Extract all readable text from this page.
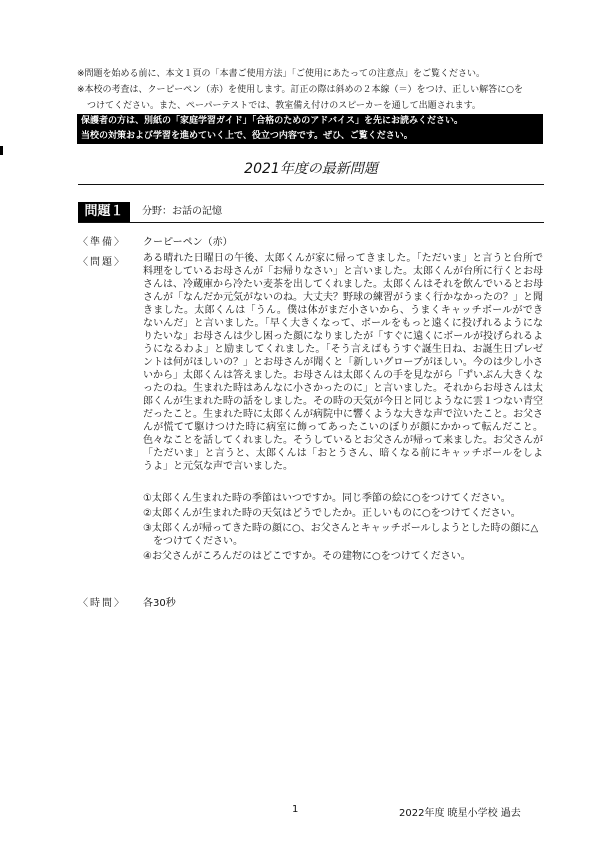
※問題を始める前に、本文１頁の「本書ご使用方法」「ご使用にあたっての注意点」をご覧ください。
※本校の考査は、クーピーペン（赤）を使用します。訂正の際は斜めの２本線（＝）をつけ、正しい解答に○を
つけてください。また、ペーパーテストでは、教室備え付けのスピーカーを通して出題されます。
保護者の方は、別紙の「家庭学習ガイド」「合格のためのアドバイス」を先にお読みください。
当校の対策および学習を進めていく上で、役立つ内容です。ぜひ、ご覧ください。
2021年度の最新問題
問題１	分野：お話の記憶
〈準備〉 クーピーペン（赤）
〈問題〉 ある晴れた日曜日の午後、太郎くんが家に帰ってきました。「ただいま」と言うと台所で料理をしているお母さんが「お帰りなさい」と言いました。太郎くんが台所に行くとお母さんは、冷蔵庫から冷たい麦茶を出してくれました。太郎くんはそれを飲んでいるとお母さんが「なんだか元気がないのね。大丈夫？野球の練習がうまく行かなかったの？」と聞きました。太郎くんは「うん。僕は体がまだ小さいから、うまくキャッチボールができないんだ」と言いました。「早く大きくなって、ボールをもっと遠くに投げれるようになりたいな」お母さんは少し困った顔になりましたが「すぐに遠くにボールが投げられるようになるわよ」と励ましてくれました。「そう言えばもうすぐ誕生日ね、お誕生日プレゼントは何がほしいの？」とお母さんが聞くと「新しいグローブがほしい。今のは少し小さいから」太郎くんは答えました。お母さんは太郎くんの手を見ながら「ずいぶん大きくなったのね。生まれた時はあんなに小さかったのに」と言いました。それからお母さんは太郎くんが生まれた時の話をしました。その時の天気が今日と同じようなに雲１つない青空だったこと。生まれた時に太郎くんが病院中に響くような大きな声で泣いたこと。お父さんが慌てて駆けつけた時に病室に飾ってあったこいのぼりが顔にかかって転んだこと。色々なことを話してくれました。そうしているとお父さんが帰って来ました。お父さんが「ただいま」と言うと、太郎くんは「おとうさん、暗くなる前にキャッチボールをしようよ」と元気な声で言いました。

①太郎くん生まれた時の季節はいつですか。同じ季節の絵に○をつけてください。

②太郎くんが生まれた時の天気はどうでしたか。正しいものに○をつけてください。

③太郎くんが帰ってきた時の顔に○、お父さんとキャッチボールしようとした時の顔に△をつけてください。

④お父さんがころんだのはどこですか。その建物に○をつけてください。

〈時間〉 各30秒
1	2022年度 暁星小学校 過去
